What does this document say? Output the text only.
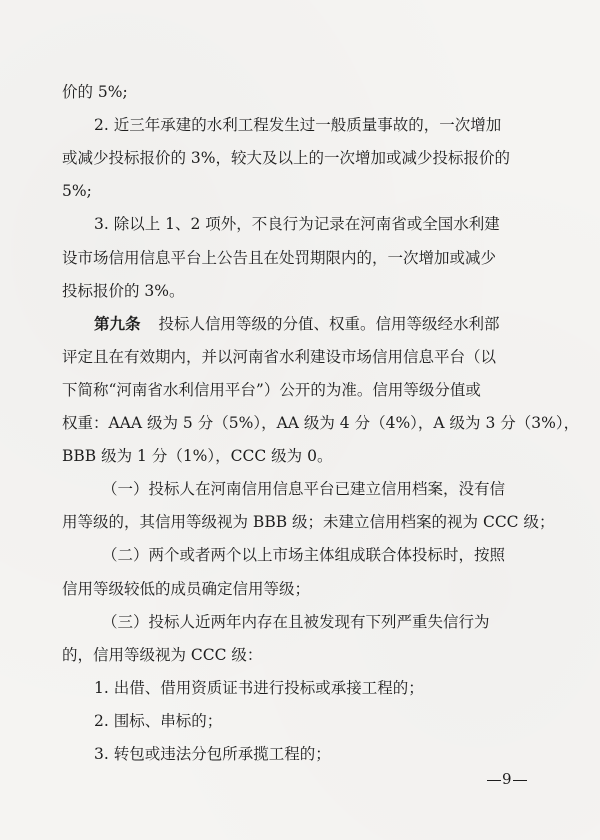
价的 5%;
2. 近三年承建的水利工程发生过一般质量事故的，一次增加
或减少投标报价的 3%，较大及以上的一次增加或减少投标报价的
5%;
3. 除以上 1、2 项外，不良行为记录在河南省或全国水利建
设市场信用信息平台上公告且在处罚期限内的，一次增加或减少
投标报价的 3%。
第九条 投标人信用等级的分值、权重。信用等级经水利部
评定且在有效期内，并以河南省水利建设市场信用信息平台（以
下简称“河南省水利信用平台”）公开的为准。信用等级分值或
权重：AAA 级为 5 分（5%），AA 级为 4 分（4%），A 级为 3 分（3%），
BBB 级为 1 分（1%），CCC 级为 0。
（一）投标人在河南信用信息平台已建立信用档案，没有信
用等级的，其信用等级视为 BBB 级；未建立信用档案的视为 CCC 级；
（二）两个或者两个以上市场主体组成联合体投标时，按照
信用等级较低的成员确定信用等级；
（三）投标人近两年内存在且被发现有下列严重失信行为
的，信用等级视为 CCC 级：
1. 出借、借用资质证书进行投标或承接工程的；
2. 围标、串标的；
3. 转包或违法分包所承揽工程的；
9
